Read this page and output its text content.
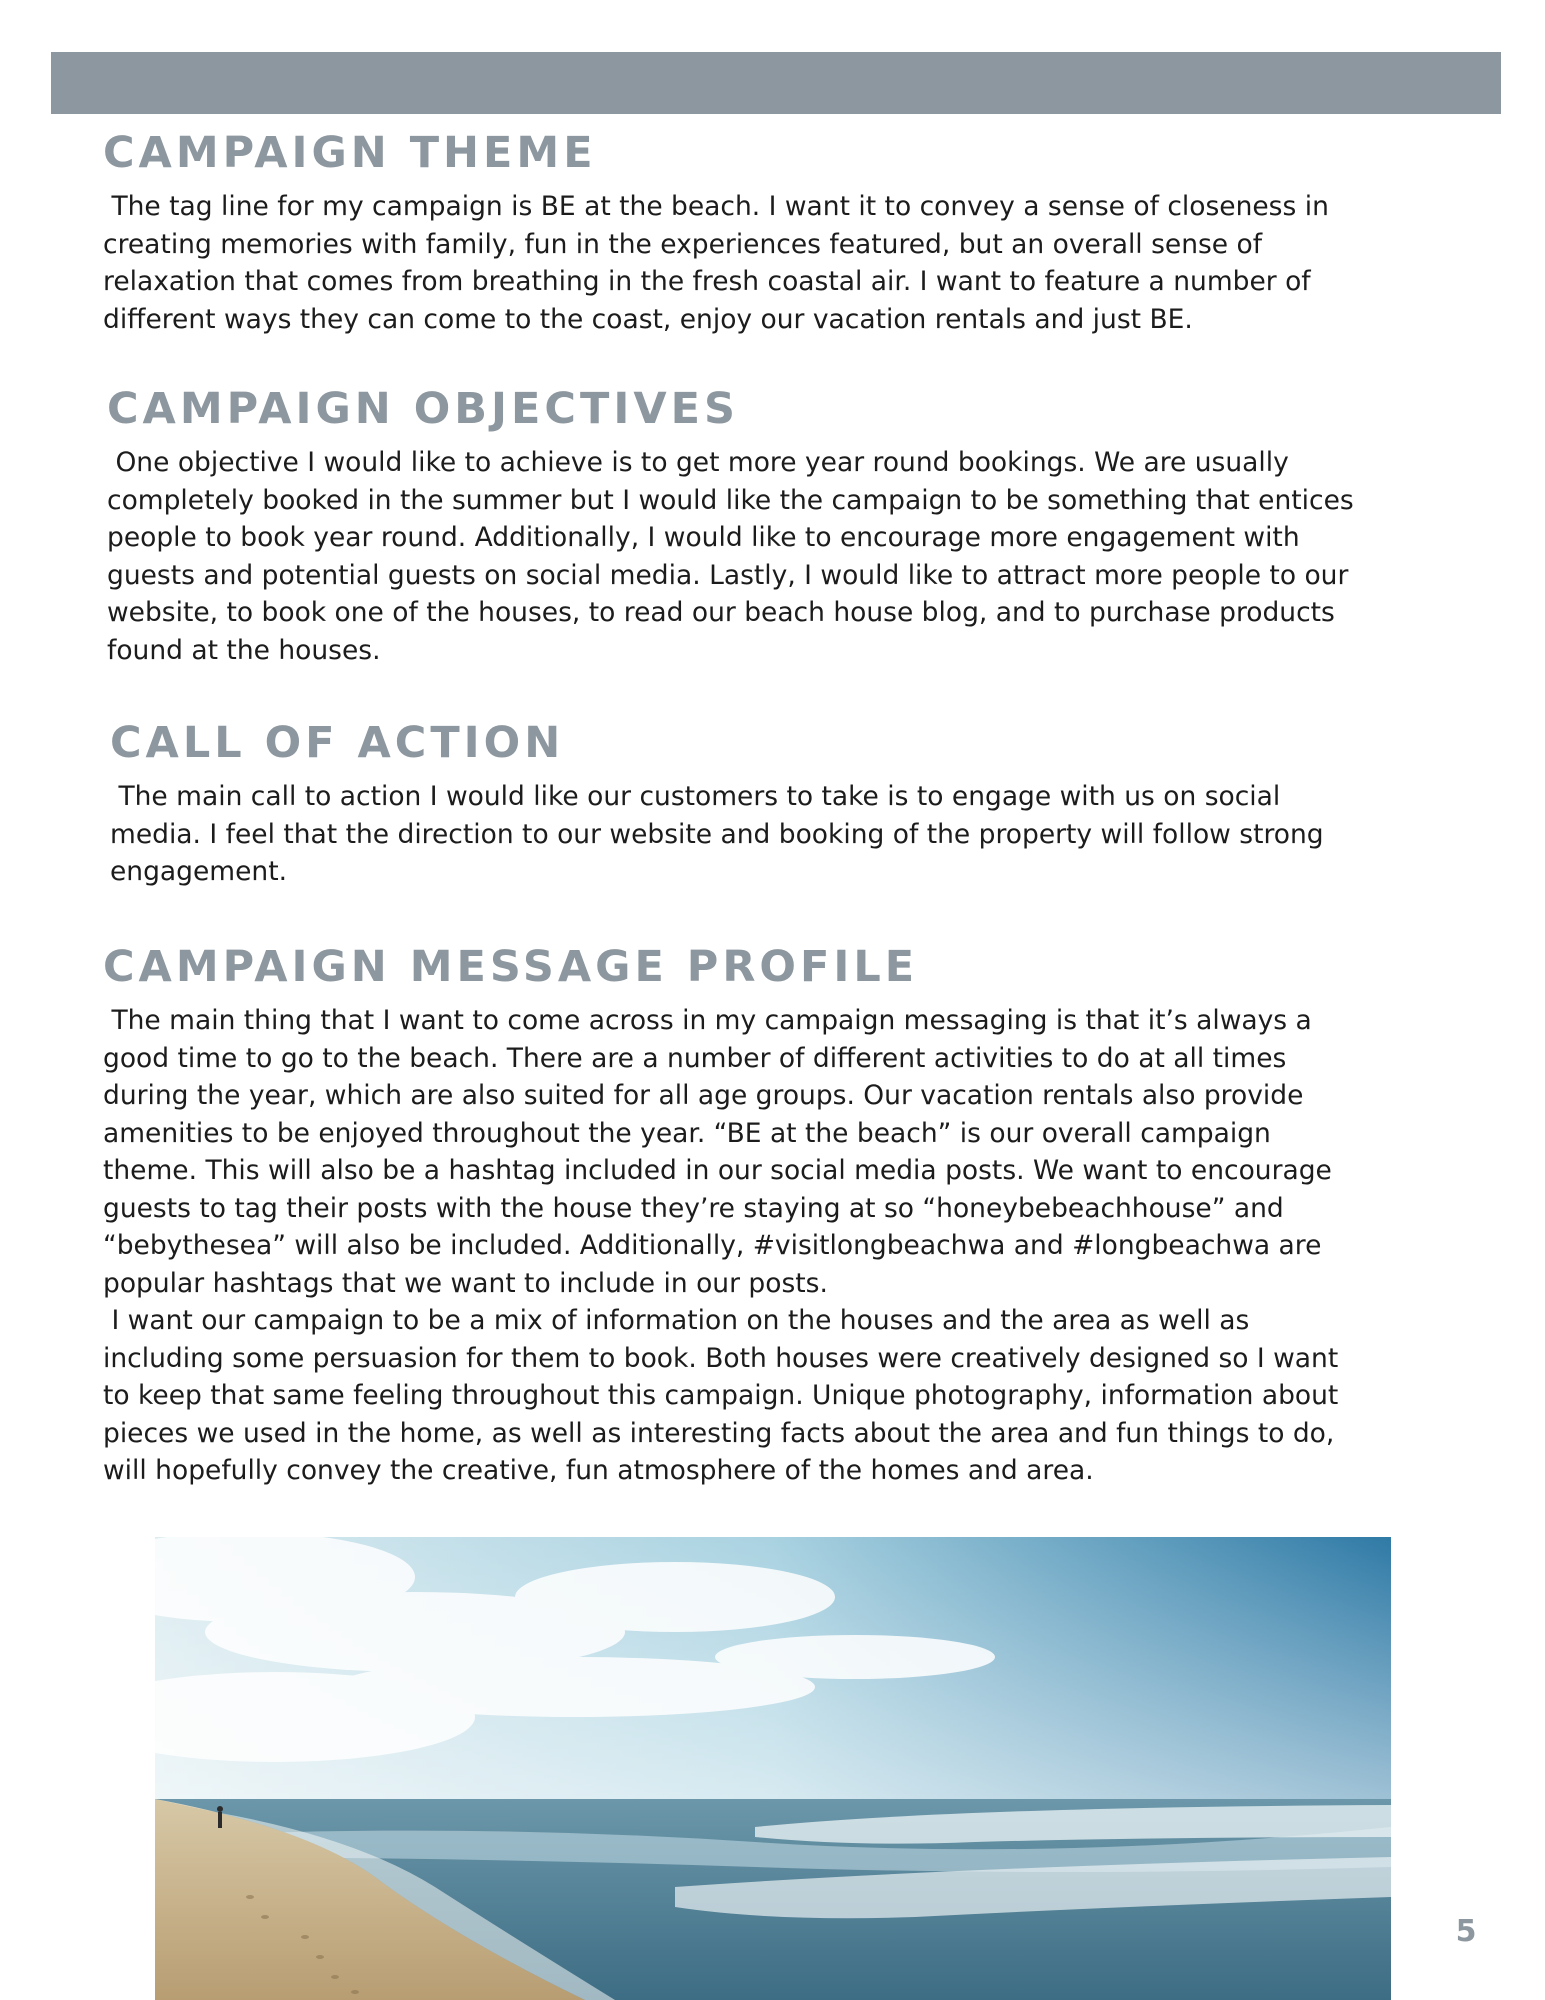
CAMPAIGN THEME

The tag line for my campaign is BE at the beach. I want it to convey a sense of closeness in
creating memories with family, fun in the experiences featured, but an overall sense of
relaxation that comes from breathing in the fresh coastal air. I want to feature a number of
different ways they can come to the coast, enjoy our vacation rentals and just BE.

CAMPAIGN OBJECTIVES

One objective I would like to achieve is to get more year round bookings. We are usually
completely booked in the summer but I would like the campaign to be something that entices
people to book year round. Additionally, I would like to encourage more engagement with
guests and potential guests on social media. Lastly, I would like to attract more people to our
website, to book one of the houses, to read our beach house blog, and to purchase products
found at the houses.

CALL OF ACTION

The main call to action I would like our customers to take is to engage with us on social
media. I feel that the direction to our website and booking of the property will follow strong
engagement.

CAMPAIGN MESSAGE PROFILE

The main thing that I want to come across in my campaign messaging is that it’s always a
good time to go to the beach. There are a number of different activities to do at all times
during the year, which are also suited for all age groups. Our vacation rentals also provide
amenities to be enjoyed throughout the year. “BE at the beach” is our overall campaign
theme. This will also be a hashtag included in our social media posts. We want to encourage
guests to tag their posts with the house they’re staying at so “honeybebeachhouse” and
“bebythesea” will also be included. Additionally, #visitlongbeachwa and #longbeachwa are
popular hashtags that we want to include in our posts.
I want our campaign to be a mix of information on the houses and the area as well as
including some persuasion for them to book. Both houses were creatively designed so I want
to keep that same feeling throughout this campaign. Unique photography, information about
pieces we used in the home, as well as interesting facts about the area and fun things to do,
will hopefully convey the creative, fun atmosphere of the homes and area.

5
